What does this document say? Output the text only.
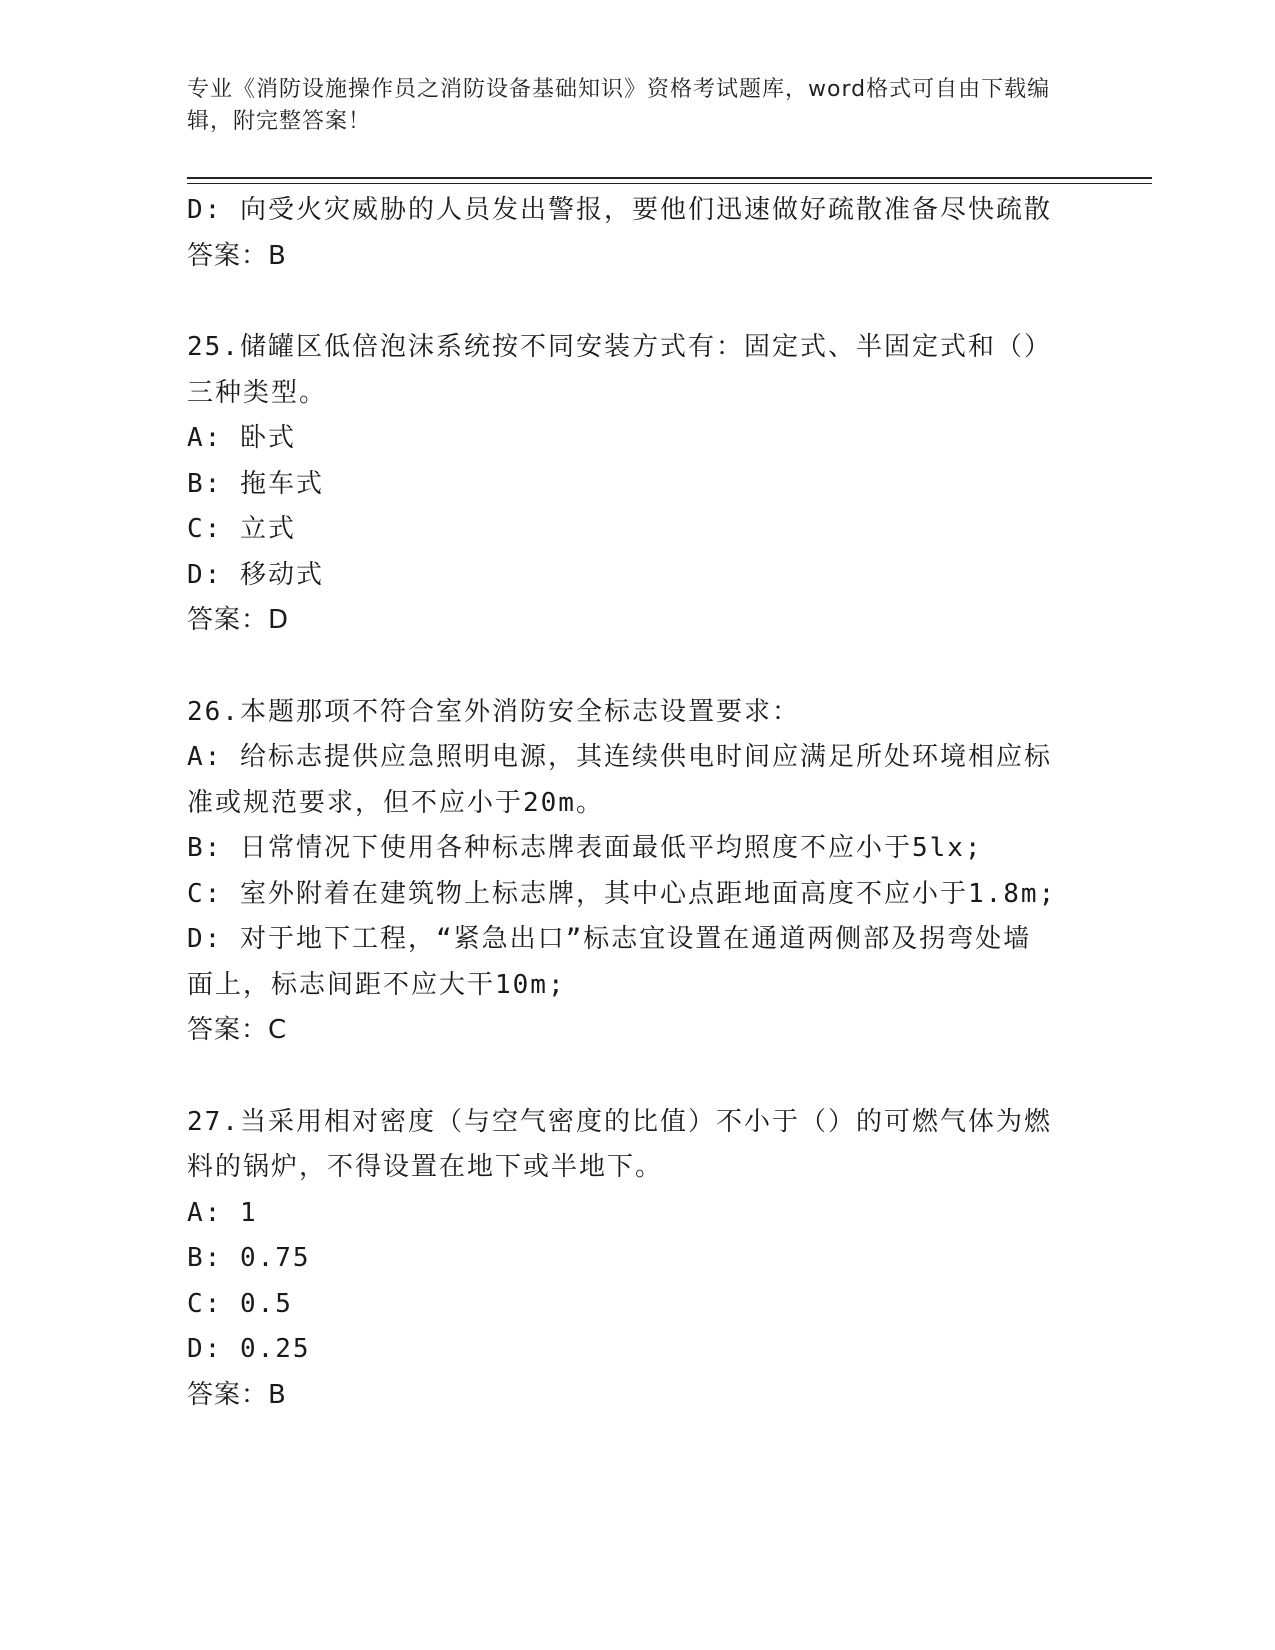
专业《消防设施操作员之消防设备基础知识》资格考试题库，word格式可自由下载编辑，附完整答案！

D: 向受火灾威胁的人员发出警报，要他们迅速做好疏散准备尽快疏散

答案：B

25.储罐区低倍泡沫系统按不同安装方式有：固定式、半固定式和（）

三种类型。

A: 卧式

B: 拖车式

C: 立式

D: 移动式

答案：D

26.本题那项不符合室外消防安全标志设置要求：

A: 给标志提供应急照明电源，其连续供电时间应满足所处环境相应标

准或规范要求，但不应小于20m。

B: 日常情况下使用各种标志牌表面最低平均照度不应小于5lx;

C: 室外附着在建筑物上标志牌，其中心点距地面高度不应小于1.8m;

D: 对于地下工程，“紧急出口”标志宜设置在通道两侧部及拐弯处墙

面上，标志间距不应大干10m;

答案：C

27.当采用相对密度（与空气密度的比值）不小于（）的可燃气体为燃

料的锅炉，不得设置在地下或半地下。

A: 1

B: 0.75

C: 0.5

D: 0.25

答案：B
